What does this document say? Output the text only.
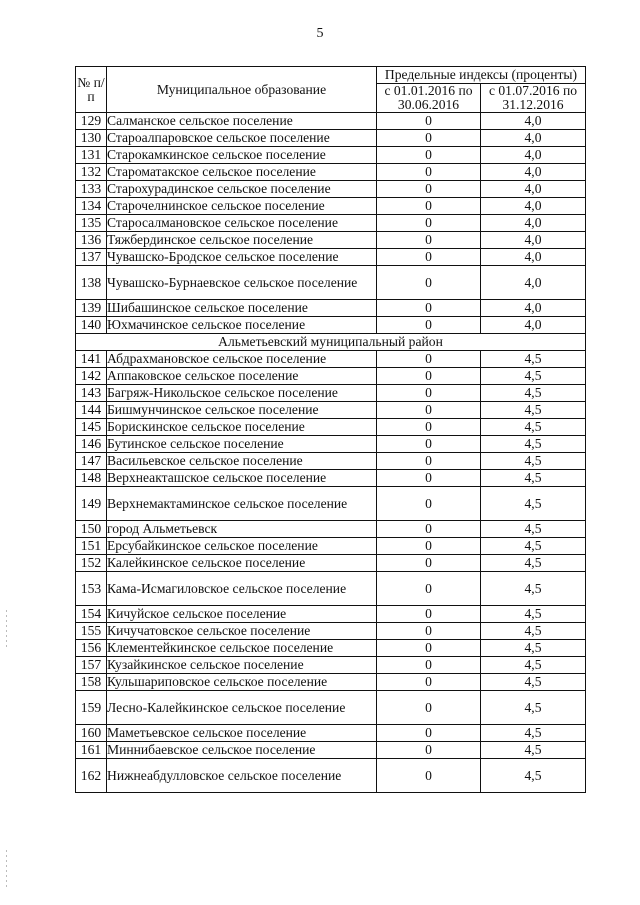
5
№ п/п	Муниципальное образование	Предельные индексы (проценты)	
		с 01.01.2016 по 30.06.2016	с 01.07.2016 по 31.12.2016
129	Салманское сельское поселение	0	4,0
130	Староалпаровское сельское поселение	0	4,0
131	Старокамкинское сельское поселение	0	4,0
132	Староматакское сельское поселение	0	4,0
133	Старохурадинское сельское поселение	0	4,0
134	Старочелнинское сельское поселение	0	4,0
135	Старосалмановское сельское поселение	0	4,0
136	Тяжбердинское сельское поселение	0	4,0
137	Чувашско-Бродское сельское поселение	0	4,0
138	Чувашско-Бурнаевское сельское поселение	0	4,0
139	Шибашинское сельское поселение	0	4,0
140	Юхмачинское сельское поселение	0	4,0
Альметьевский муниципальный район			
141	Абдрахмановское сельское поселение	0	4,5
142	Аппаковское сельское поселение	0	4,5
143	Багряж-Никольское сельское поселение	0	4,5
144	Бишмунчинское сельское поселение	0	4,5
145	Борискинское сельское поселение	0	4,5
146	Бутинское сельское поселение	0	4,5
147	Васильевское сельское поселение	0	4,5
148	Верхнеакташское сельское поселение	0	4,5
149	Верхнемактаминское сельское поселение	0	4,5
150	город Альметьевск	0	4,5
151	Ерсубайкинское сельское поселение	0	4,5
152	Калейкинское сельское поселение	0	4,5
153	Кама-Исмагиловское сельское поселение	0	4,5
154	Кичуйское сельское поселение	0	4,5
155	Кичучатовское сельское поселение	0	4,5
156	Клементейкинское сельское поселение	0	4,5
157	Кузайкинское сельское поселение	0	4,5
158	Кульшариповское сельское поселение	0	4,5
159	Лесно-Калейкинское сельское поселение	0	4,5
160	Маметьевское сельское поселение	0	4,5
161	Миннибаевское сельское поселение	0	4,5
162	Нижнеабдулловское сельское поселение	0	4,5
